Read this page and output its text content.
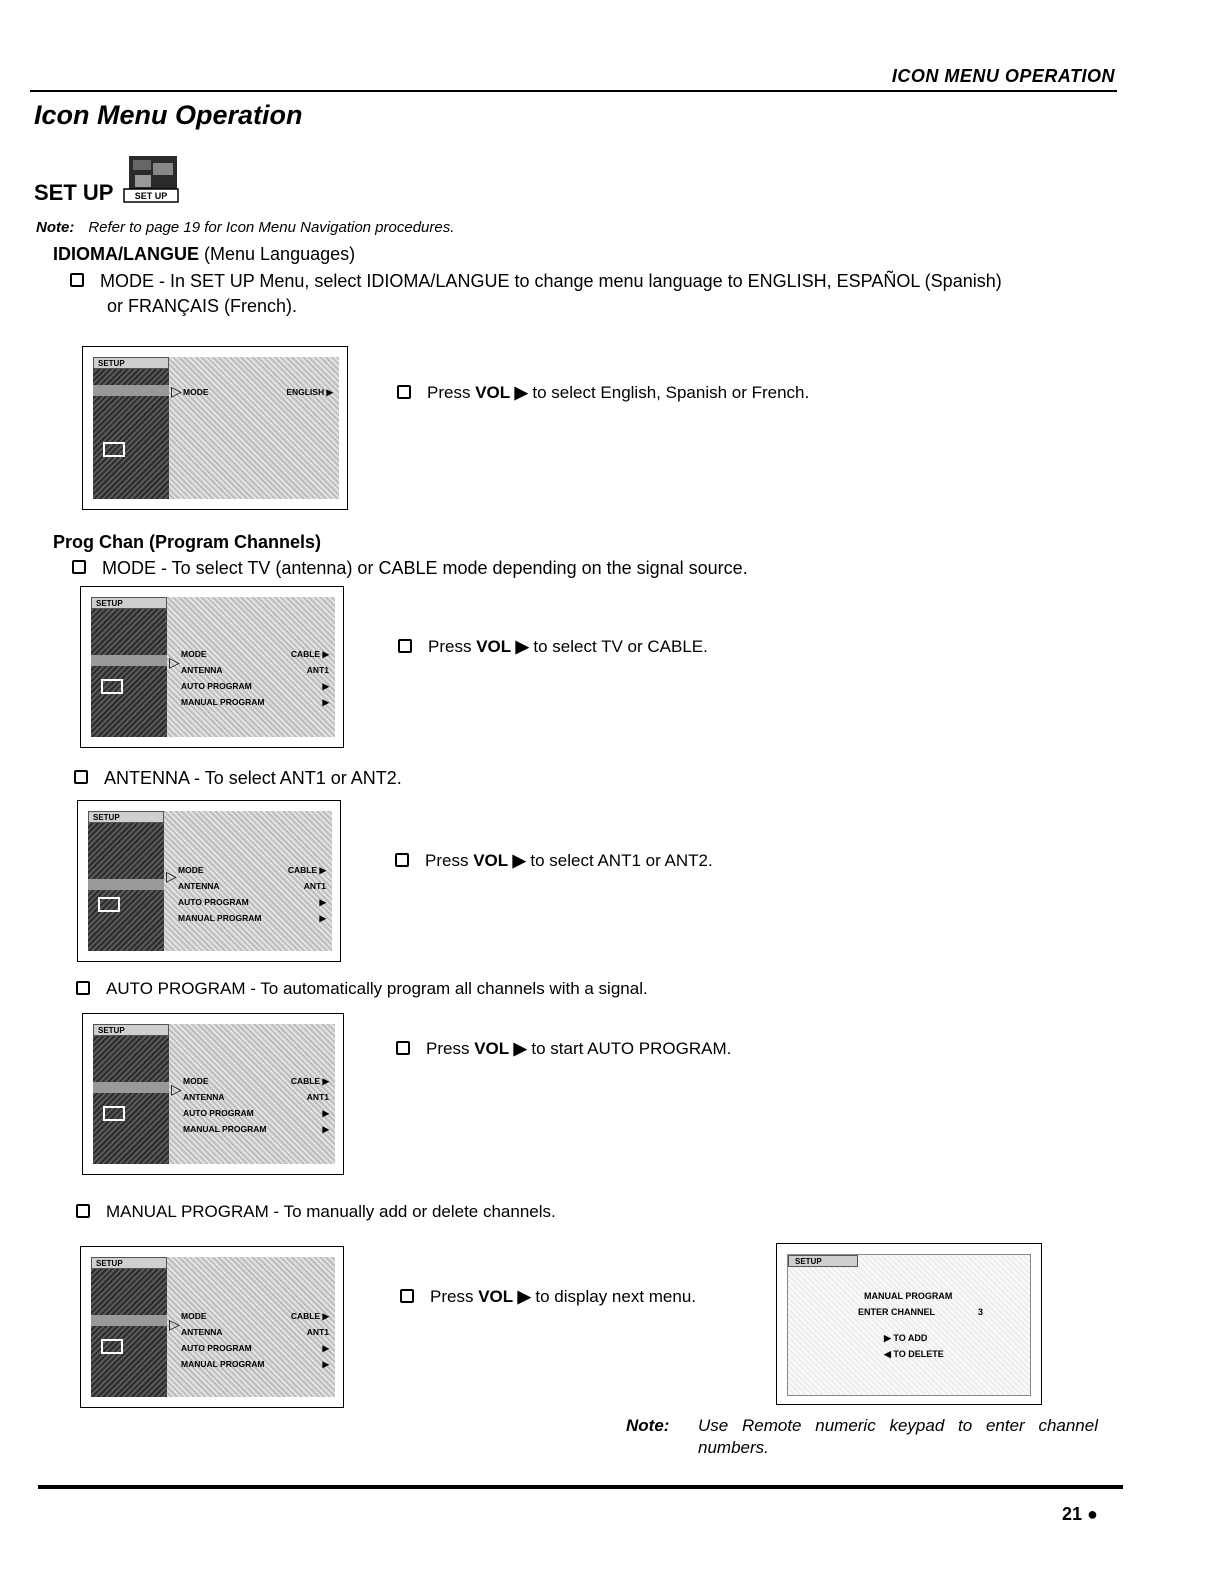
ICON MENU OPERATION
Icon Menu Operation
SET UP SET UP
Note: Refer to page 19 for Icon Menu Navigation procedures.
IDIOMA/LANGUE (Menu Languages)
MODE - In SET UP Menu, select IDIOMA/LANGUE to change menu language to ENGLISH, ESPAÑOL (Spanish)
or FRANÇAIS (French).
SETUP
▷ MODE	ENGLISH ▶	Press VOL ▶ to select English, Spanish or French.
Prog Chan (Program Channels)
MODE - To select TV (antenna) or CABLE mode depending on the signal source.
SETUP
▷ MODE	CABLE ▶
ANTENNA	ANT1
AUTO PROGRAM	▶
MANUAL PROGRAM	▶
Press VOL ▶ to select TV or CABLE.
ANTENNA - To select ANT1 or ANT2.
SETUP
▷ MODE	CABLE ▶
ANTENNA	ANT1
AUTO PROGRAM	▶
MANUAL PROGRAM	▶
Press VOL ▶ to select ANT1 or ANT2.
AUTO PROGRAM - To automatically program all channels with a signal.
SETUP
▷ MODE	CABLE ▶
ANTENNA	ANT1
AUTO PROGRAM	▶
MANUAL PROGRAM	▶
Press VOL ▶ to start AUTO PROGRAM.
MANUAL PROGRAM - To manually add or delete channels.
SETUP
▷ MODE	CABLE ▶
ANTENNA	ANT1
AUTO PROGRAM	▶
MANUAL PROGRAM	▶
Press VOL ▶ to display next menu.
SETUP
MANUAL PROGRAM
ENTER CHANNEL	3
▶ TO ADD
◀ TO DELETE
Note: Use Remote numeric keypad to enter channel
numbers.
21 ●
